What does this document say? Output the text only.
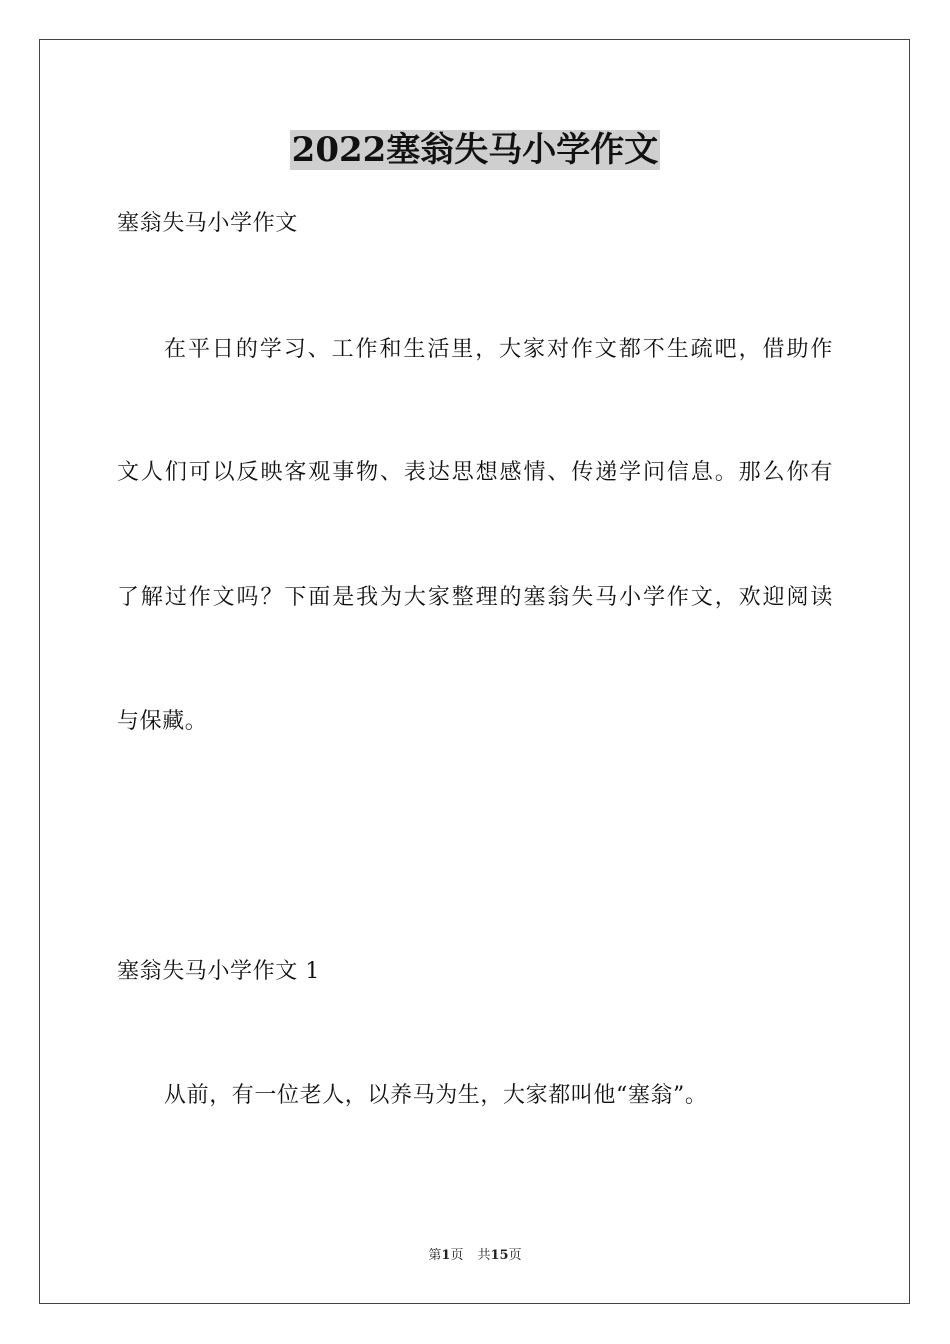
2022塞翁失马小学作文
塞翁失马小学作文
在平日的学习、工作和生活里，大家对作文都不生疏吧，借助作
文人们可以反映客观事物、表达思想感情、传递学问信息。那么你有
了解过作文吗？下面是我为大家整理的塞翁失马小学作文，欢迎阅读
与保藏。
塞翁失马小学作文 1
从前，有一位老人，以养马为生，大家都叫他“塞翁”。
第1页 共15页
